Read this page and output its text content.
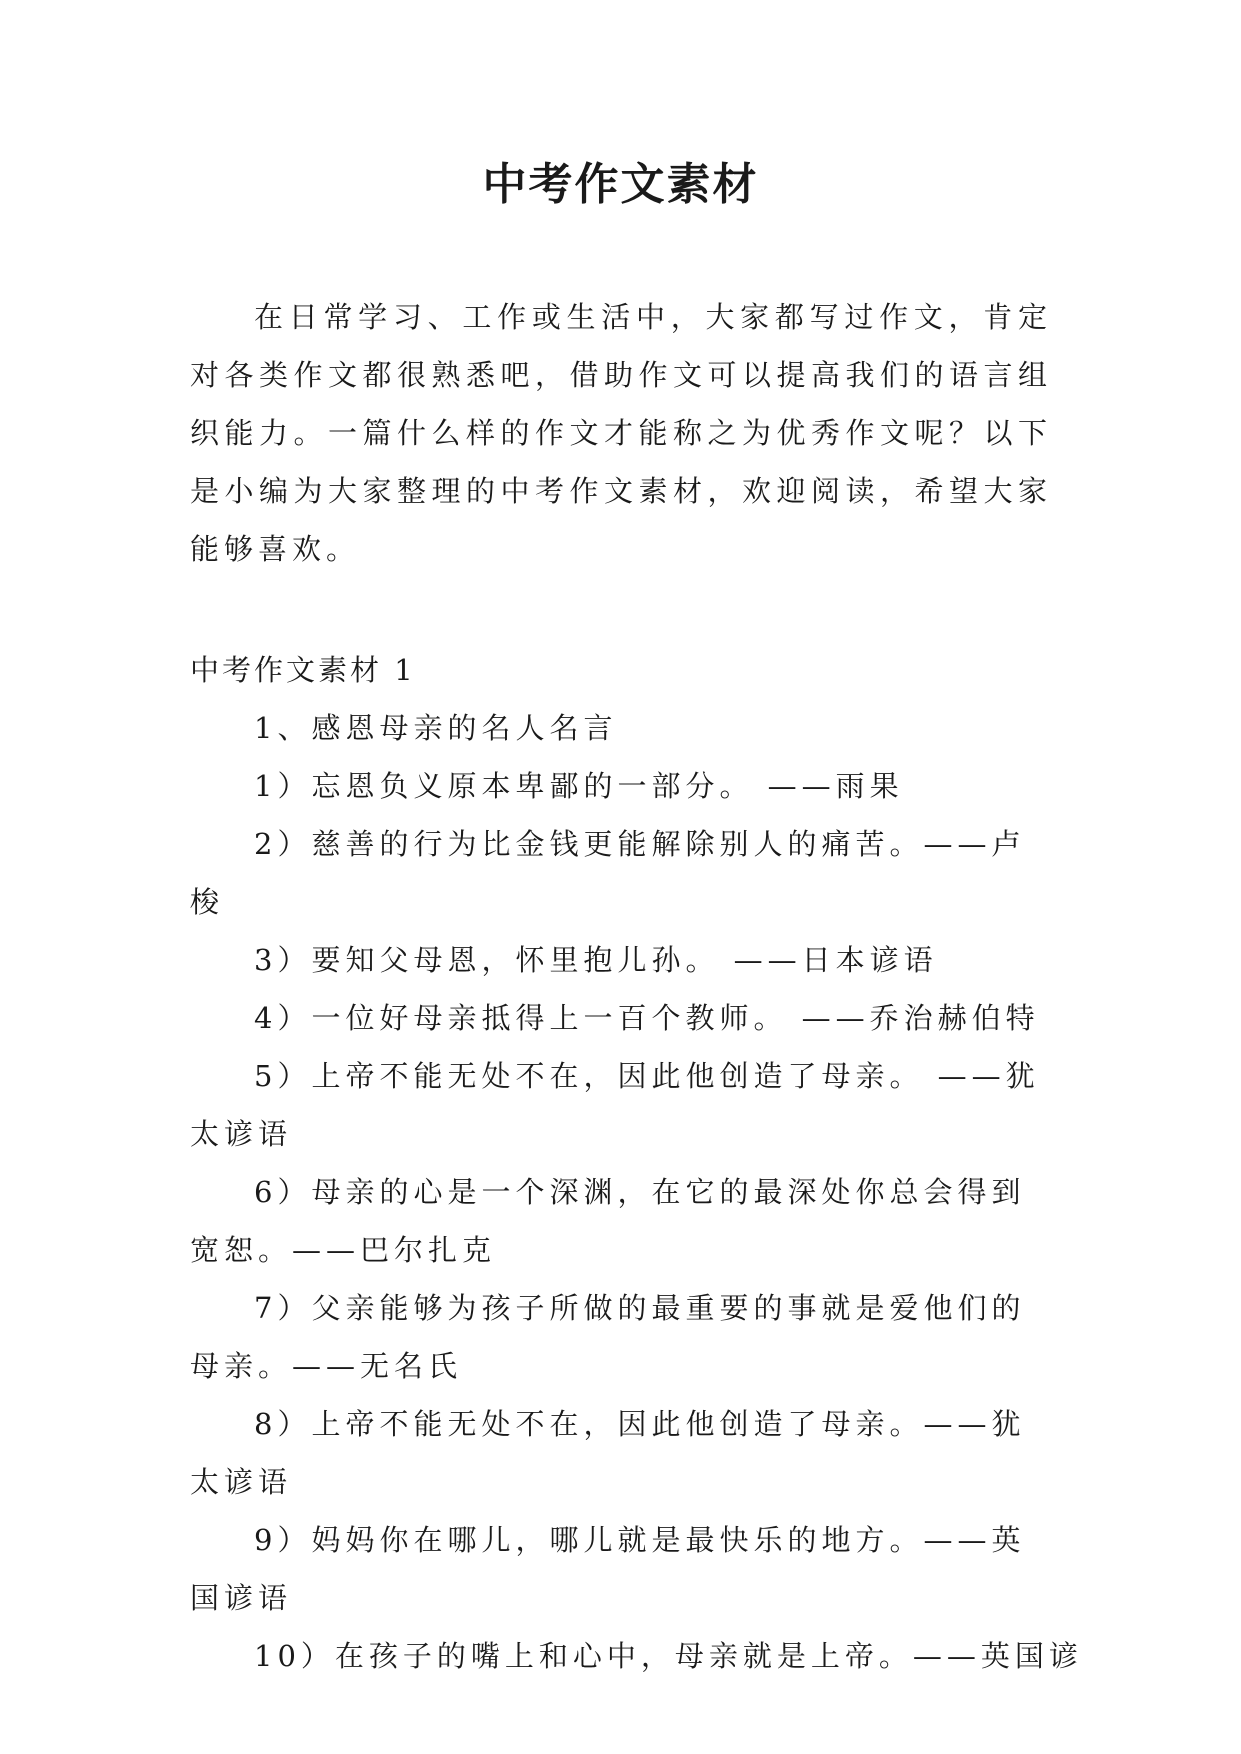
中考作文素材

在日常学习、工作或生活中，大家都写过作文，肯定对各类作文都很熟悉吧，借助作文可以提高我们的语言组织能力。一篇什么样的作文才能称之为优秀作文呢？以下是小编为大家整理的中考作文素材，欢迎阅读，希望大家能够喜欢。

中考作文素材 1

1、感恩母亲的名人名言

1）忘恩负义原本卑鄙的一部分。 ——雨果

2）慈善的行为比金钱更能解除别人的痛苦。——卢梭

3）要知父母恩，怀里抱儿孙。 ——日本谚语

4）一位好母亲抵得上一百个教师。 ——乔治赫伯特

5）上帝不能无处不在，因此他创造了母亲。 ——犹太谚语

6）母亲的心是一个深渊，在它的最深处你总会得到宽恕。——巴尔扎克

7）父亲能够为孩子所做的最重要的事就是爱他们的母亲。——无名氏

8）上帝不能无处不在，因此他创造了母亲。——犹太谚语

9）妈妈你在哪儿，哪儿就是最快乐的地方。——英国谚语

10）在孩子的嘴上和心中，母亲就是上帝。——英国谚
